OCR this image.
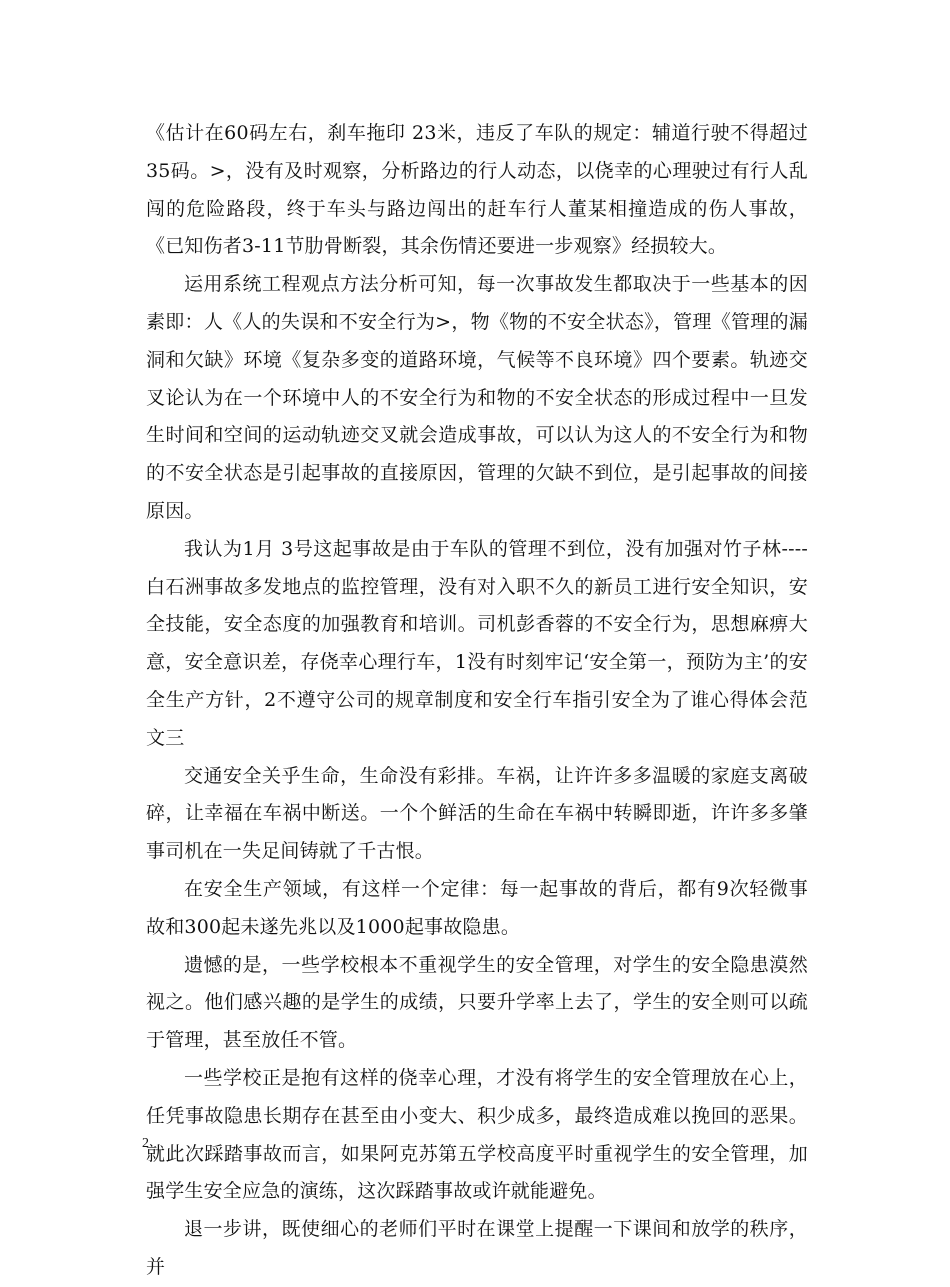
《估计在60码左右，刹车拖印 23米，违反了车队的规定：辅道行驶不得超过35码。>，没有及时观察，分析路边的行人动态，以侥幸的心理驶过有行人乱闯的危险路段，终于车头与路边闯出的赶车行人董某相撞造成的伤人事故，《已知伤者3-11节肋骨断裂，其余伤情还要进一步观察》经损较大。

运用系统工程观点方法分析可知，每一次事故发生都取决于一些基本的因素即：人《人的失误和不安全行为>，物《物的不安全状态》，管理《管理的漏洞和欠缺》环境《复杂多变的道路环境，气候等不良环境》四个要素。轨迹交叉论认为在一个环境中人的不安全行为和物的不安全状态的形成过程中一旦发生时间和空间的运动轨迹交叉就会造成事故，可以认为这人的不安全行为和物的不安全状态是引起事故的直接原因，管理的欠缺不到位，是引起事故的间接原因。

我认为1月 3号这起事故是由于车队的管理不到位，没有加强对竹子林----白石洲事故多发地点的监控管理，没有对入职不久的新员工进行安全知识，安全技能，安全态度的加强教育和培训。司机彭香蓉的不安全行为，思想麻痹大意，安全意识差，存侥幸心理行车，1没有时刻牢记‘安全第一，预防为主’的安全生产方针，2不遵守公司的规章制度和安全行车指引安全为了谁心得体会范文三

交通安全关乎生命，生命没有彩排。车祸，让许许多多温暖的家庭支离破碎，让幸福在车祸中断送。一个个鲜活的生命在车祸中转瞬即逝，许许多多肇事司机在一失足间铸就了千古恨。

在安全生产领域，有这样一个定律：每一起事故的背后，都有9次轻微事故和300起未遂先兆以及1000起事故隐患。

遗憾的是，一些学校根本不重视学生的安全管理，对学生的安全隐患漠然视之。他们感兴趣的是学生的成绩，只要升学率上去了，学生的安全则可以疏于管理，甚至放任不管。

一些学校正是抱有这样的侥幸心理，才没有将学生的安全管理放在心上，任凭事故隐患长期存在甚至由小变大、积少成多，最终造成难以挽回的恶果。就此次踩踏事故而言，如果阿克苏第五学校高度平时重视学生的安全管理，加强学生安全应急的演练，这次踩踏事故或许就能避免。

退一步讲，既使细心的老师们平时在课堂上提醒一下课间和放学的秩序，并

2
